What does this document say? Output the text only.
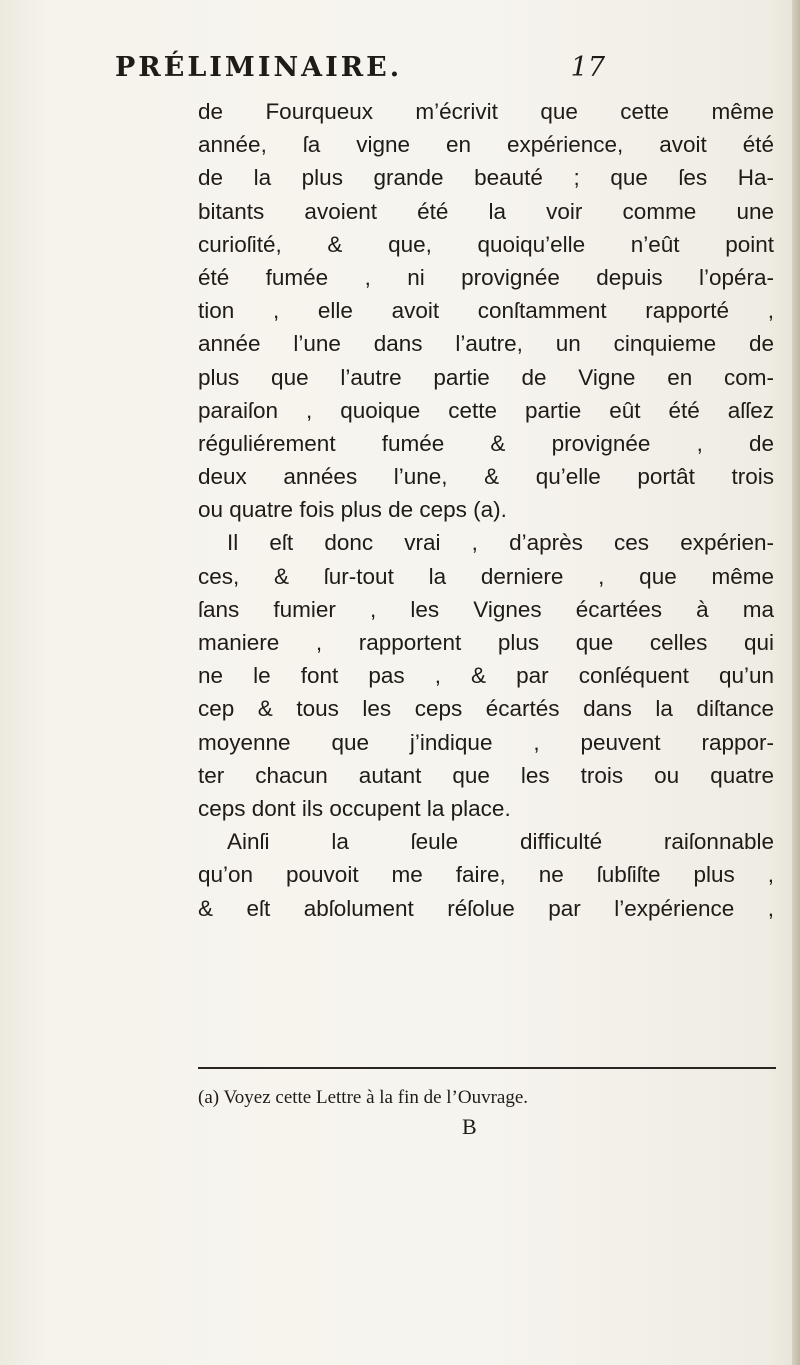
PRÉLIMINAIRE.	17
de Fourqueux m’écrivit que cette même
année, ſa vigne en expérience, avoit été
de la plus grande beauté ; que ſes Ha-
bitants avoient été la voir comme une
curioſité, & que, quoiqu’elle n’eût point
été fumée , ni provignée depuis l’opéra-
tion , elle avoit conſtamment rapporté ,
année l’une dans l’autre, un cinquieme de
plus que l’autre partie de Vigne en com-
paraiſon , quoique cette partie eût été aſſez
réguliérement fumée & provignée , de
deux années l’une, & qu’elle portât trois
ou quatre fois plus de ceps (a).
Il eſt donc vrai , d’après ces expérien-
ces, & ſur-tout la derniere , que même
ſans fumier , les Vignes écartées à ma
maniere , rapportent plus que celles qui
ne le font pas , & par conſéquent qu’un
cep & tous les ceps écartés dans la diſtance
moyenne que j’indique , peuvent rappor-
ter chacun autant que les trois ou quatre
ceps dont ils occupent la place.
Ainſi la ſeule difficulté raiſonnable
qu’on pouvoit me faire, ne ſubſiſte plus ,
& eſt abſolument réſolue par l’expérience ,
(a) Voyez cette Lettre à la fin de l’Ouvrage.
B
